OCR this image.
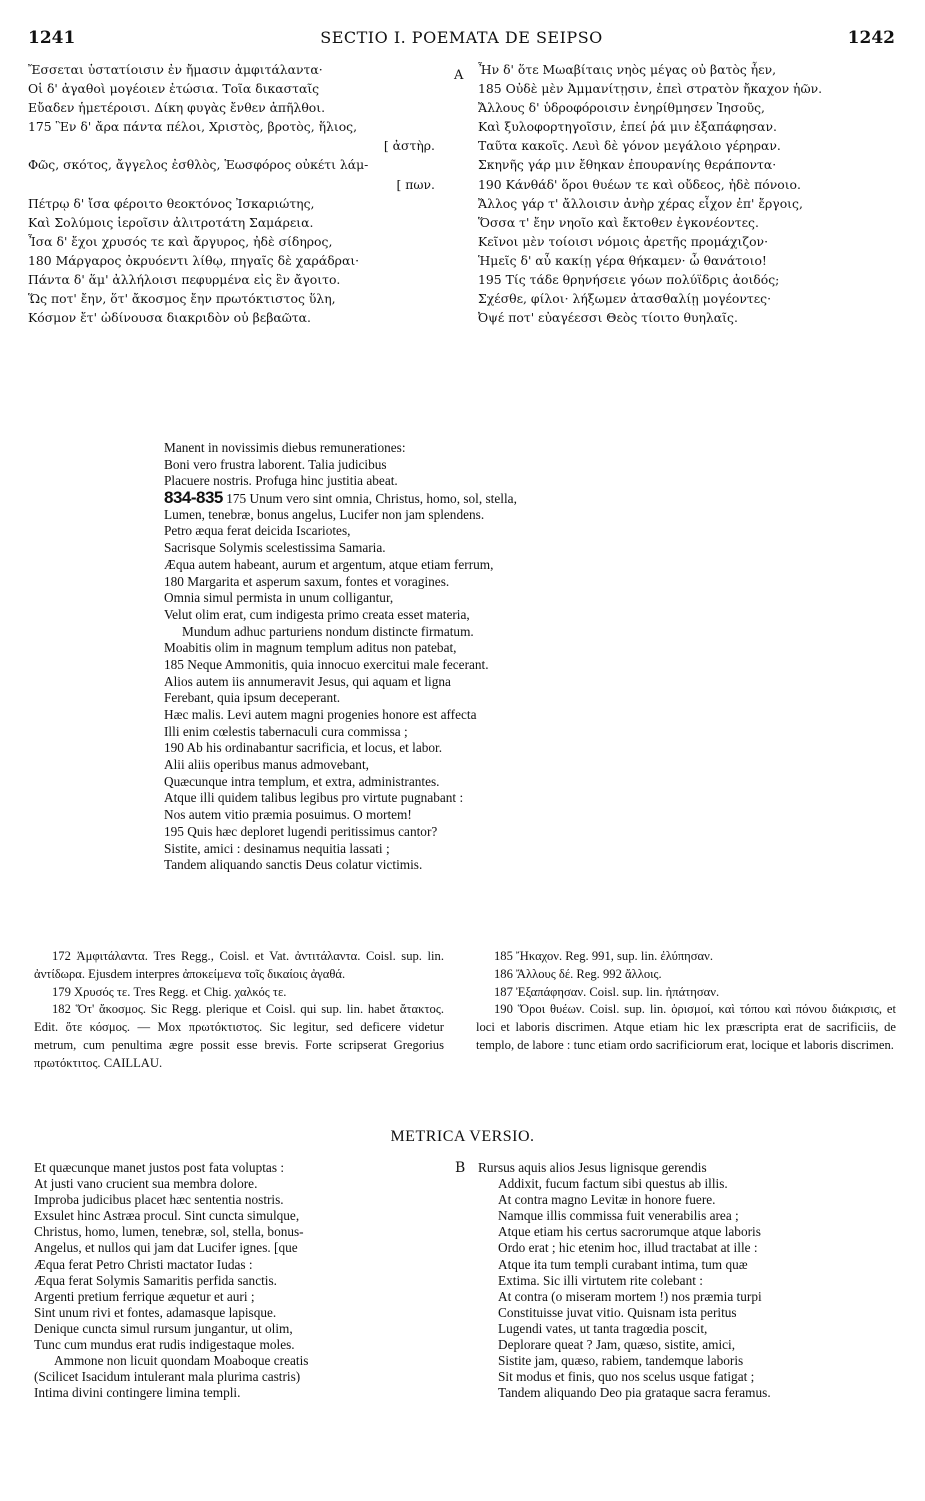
1241	SECTIO I. POEMATA DE SEIPSO	1242
Ἔσσεται ὑστατίοισιν ἐν ἤμασιν ἀμφιτάλαντα·
Οἱ δ' ἀγαθοὶ μογέοιεν ἐτώσια. Τοῖα δικασταῖς
Εὔαδεν ἡμετέροισι. Δίκη φυγὰς ἔνθεν ἀπῆλθοι.
175 Ἓν δ' ἄρα πάντα πέλοι, Χριστὸς, βροτὸς, ἥλιος,
[ ἀστὴρ.
Φῶς, σκότος, ἄγγελος ἐσθλὸς, Ἑωσφόρος οὐκέτι λάμ-
[ πων.
Πέτρῳ δ' ἴσα φέροιτο θεοκτόνος Ἰσκαριώτης,
Καὶ Σολύμοις ἱεροῖσιν ἀλιτροτάτη Σαμάρεια.
Ἶσα δ' ἔχοι χρυσός τε καὶ ἄργυρος, ἠδὲ σίδηρος,
180 Μάργαρος ὀκρυόεντι λίθῳ, πηγαῖς δὲ χαράδραι·
Πάντα δ' ἅμ' ἀλλήλοισι πεφυρμένα εἰς ἓν ἄγοιτο.
Ὥς ποτ' ἔην, ὅτ' ἄκοσμος ἔην πρωτόκτιστος ὕλη,
Κόσμον ἔτ' ὠδίνουσα διακριδὸν οὐ βεβαῶτα.
A Ἦν δ' ὅτε Μωαβίταις νηὸς μέγας οὐ βατὸς ἦεν,
185 Οὐδὲ μὲν Ἀμμανίτῃσιν, ἐπεὶ στρατὸν ἤκαχον ἡῶν.
Ἄλλους δ' ὑδροφόροισιν ἐνηρίθμησεν Ἰησοῦς,
Καὶ ξυλοφορτηγοῖσιν, ἐπεί ῥά μιν ἐξαπάφησαν.
Ταῦτα κακοῖς. Λευὶ δὲ γόνον μεγάλοιο γέρηραν.
Σκηνῆς γάρ μιν ἔθηκαν ἐπουρανίης θεράποντα·
190 Κάνθάδ' ὅροι θυέων τε καὶ οὔδεος, ἠδὲ πόνοιο.
Ἄλλος γάρ τ' ἄλλοισιν ἀνὴρ χέρας εἶχον ἐπ' ἔργοις,
Ὅσσα τ' ἔην νηοῖο καὶ ἔκτοθεν ἐγκονέοντες.
Κεῖνοι μὲν τοίοισι νόμοις ἀρετῆς προμάχιζον·
Ἡμεῖς δ' αὖ κακίῃ γέρα θήκαμεν· ὦ θανάτοιο!
195 Τίς τάδε θρηνήσειε γόων πολύϊδρις ἀοιδός;
Σχέσθε, φίλοι· λήξωμεν ἀτασθαλίῃ μογέοντες·
Ὀψέ ποτ' εὐαγέεσσι Θεὸς τίοιτο θυηλαῖς.
Manent in novissimis diebus remunerationes:
Boni vero frustra laborent. Talia judicibus
Placuere nostris. Profuga hinc justitia abeat.
834-835 175 Unum vero sint omnia, Christus, homo, sol, stella,
Lumen, tenebræ, bonus angelus, Lucifer non jam splendens.
Petro æqua ferat deicida Iscariotes,
Sacrisque Solymis scelestissima Samaria.
Æqua autem habeant, aurum et argentum, atque etiam ferrum,
180 Margarita et asperum saxum, fontes et voragines.
Omnia simul permista in unum colligantur,
Velut olim erat, cum indigesta primo creata esset materia,
Mundum adhuc parturiens nondum distincte firmatum.
Moabitis olim in magnum templum aditus non patebat,
185 Neque Ammonitis, quia innocuo exercitui male fecerant.
Alios autem iis annumeravit Jesus, qui aquam et ligna
Ferebant, quia ipsum deceperant.
Hæc malis. Levi autem magni progenies honore est affecta
Illi enim cœlestis tabernaculi cura commissa ;
190 Ab his ordinabantur sacrificia, et locus, et labor.
Alii aliis operibus manus admovebant,
Quæcunque intra templum, et extra, administrantes.
Atque illi quidem talibus legibus pro virtute pugnabant :
Nos autem vitio præmia posuimus. O mortem!
195 Quis hæc deploret lugendi peritissimus cantor?
Sistite, amici : desinamus nequitia lassati ;
Tandem aliquando sanctis Deus colatur victimis.
172 Ἀμφιτάλαντα. Tres Regg., Coisl. et Vat. ἀντιτάλαντα. Coisl. sup. lin. ἀντίδωρα. Ejusdem interpres ἀποκείμενα τοῖς δικαίοις ἀγαθά.
179 Χρυσός τε. Tres Regg. et Chig. χαλκός τε.
182 Ὅτ' ἄκοσμος. Sic Regg. plerique et Coisl. qui sup. lin. habet ἄτακτος. Edit. ὅτε κόσμος. — Mox πρωτόκτιστος. Sic legitur, sed deficere videtur metrum, cum penultima ægre possit esse brevis. Forte scripserat Gregorius πρωτόκτιτος. CAILLAU.
185 Ἤκαχον. Reg. 991, sup. lin. ἐλύπησαν.
186 Ἄλλους δέ. Reg. 992 ἄλλοις.
187 Ἐξαπάφησαν. Coisl. sup. lin. ἠπάτησαν.
190 Ὅροι θυέων. Coisl. sup. lin. ὁρισμοί, καὶ τόπου καὶ πόνου διάκρισις, et loci et laboris discrimen. Atque etiam hic lex præscripta erat de sacrificiis, de templo, de labore : tunc etiam ordo sacrificiorum erat, locique et laboris discrimen.
METRICA VERSIO.
Et quæcunque manet justos post fata voluptas :
At justi vano crucient sua membra dolore.
Improba judicibus placet hæc sententia nostris.
Exsulet hinc Astræa procul. Sint cuncta simulque,
Christus, homo, lumen, tenebræ, sol, stella, bonus-
Angelus, et nullos qui jam dat Lucifer ignes. [que
Æqua ferat Petro Christi mactator Iudas :
Æqua ferat Solymis Samaritis perfida sanctis.
Argenti pretium ferrique æquetur et auri ;
Sint unum rivi et fontes, adamasque lapisque.
Denique cuncta simul rursum jungantur, ut olim,
Tunc cum mundus erat rudis indigestaque moles.
Ammone non licuit quondam Moaboque creatis
(Scilicet Isacidum intulerant mala plurima castris)
Intima divini contingere limina templi.
B Rursus aquis alios Jesus lignisque gerendis
Addixit, fucum factum sibi questus ab illis.
At contra magno Levitæ in honore fuere.
Namque illis commissa fuit venerabilis area ;
Atque etiam his certus sacrorumque atque laboris
Ordo erat ; hic etenim hoc, illud tractabat at ille :
Atque ita tum templi curabant intima, tum quæ
Extima. Sic illi virtutem rite colebant :
At contra (o miseram mortem !) nos præmia turpi
Constituisse juvat vitio. Quisnam ista peritus
Lugendi vates, ut tanta tragœdia poscit,
Deplorare queat ? Jam, quæso, sistite, amici,
Sistite jam, quæso, rabiem, tandemque laboris
Sit modus et finis, quo nos scelus usque fatigat ;
Tandem aliquando Deo pia grataque sacra feramus.
